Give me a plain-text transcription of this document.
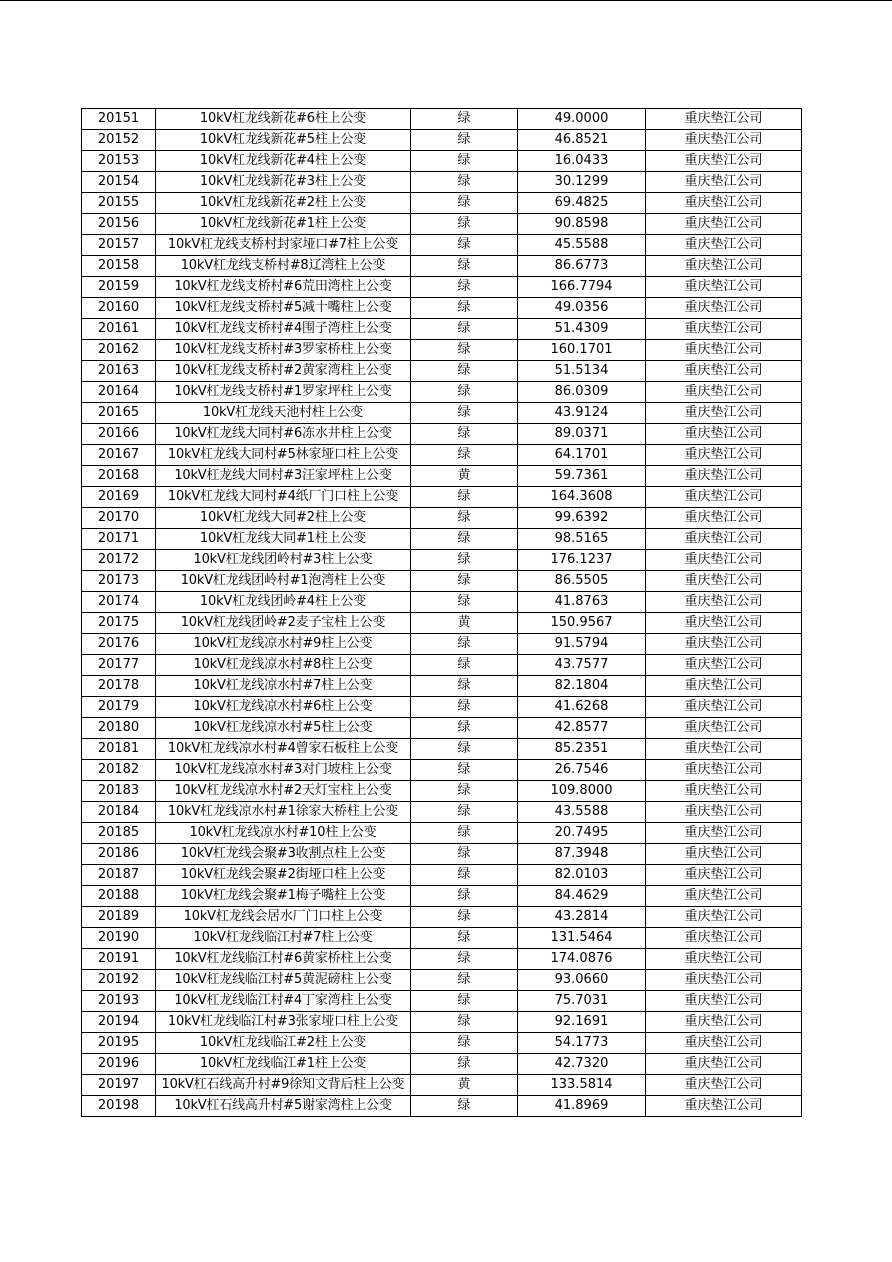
20151	10kV杠龙线新花#6柱上公变	绿	49.0000	重庆垫江公司
20152	10kV杠龙线新花#5柱上公变	绿	46.8521	重庆垫江公司
20153	10kV杠龙线新花#4柱上公变	绿	16.0433	重庆垫江公司
20154	10kV杠龙线新花#3柱上公变	绿	30.1299	重庆垫江公司
20155	10kV杠龙线新花#2柱上公变	绿	69.4825	重庆垫江公司
20156	10kV杠龙线新花#1柱上公变	绿	90.8598	重庆垫江公司
20157	10kV杠龙线支桥村封家垭口#7柱上公变	绿	45.5588	重庆垫江公司
20158	10kV杠龙线支桥村#8辽湾柱上公变	绿	86.6773	重庆垫江公司
20159	10kV杠龙线支桥村#6荒田湾柱上公变	绿	166.7794	重庆垫江公司
20160	10kV杠龙线支桥村#5减十嘴柱上公变	绿	49.0356	重庆垫江公司
20161	10kV杠龙线支桥村#4围子湾柱上公变	绿	51.4309	重庆垫江公司
20162	10kV杠龙线支桥村#3罗家桥柱上公变	绿	160.1701	重庆垫江公司
20163	10kV杠龙线支桥村#2黄家湾柱上公变	绿	51.5134	重庆垫江公司
20164	10kV杠龙线支桥村#1罗家坪柱上公变	绿	86.0309	重庆垫江公司
20165	10kV杠龙线天池村柱上公变	绿	43.9124	重庆垫江公司
20166	10kV杠龙线大同村#6冻水井柱上公变	绿	89.0371	重庆垫江公司
20167	10kV杠龙线大同村#5林家垭口柱上公变	绿	64.1701	重庆垫江公司
20168	10kV杠龙线大同村#3汪家坪柱上公变	黄	59.7361	重庆垫江公司
20169	10kV杠龙线大同村#4纸厂门口柱上公变	绿	164.3608	重庆垫江公司
20170	10kV杠龙线大同#2柱上公变	绿	99.6392	重庆垫江公司
20171	10kV杠龙线大同#1柱上公变	绿	98.5165	重庆垫江公司
20172	10kV杠龙线团岭村#3柱上公变	绿	176.1237	重庆垫江公司
20173	10kV杠龙线团岭村#1泡湾柱上公变	绿	86.5505	重庆垫江公司
20174	10kV杠龙线团岭#4柱上公变	绿	41.8763	重庆垫江公司
20175	10kV杠龙线团岭#2麦子宝柱上公变	黄	150.9567	重庆垫江公司
20176	10kV杠龙线凉水村#9柱上公变	绿	91.5794	重庆垫江公司
20177	10kV杠龙线凉水村#8柱上公变	绿	43.7577	重庆垫江公司
20178	10kV杠龙线凉水村#7柱上公变	绿	82.1804	重庆垫江公司
20179	10kV杠龙线凉水村#6柱上公变	绿	41.6268	重庆垫江公司
20180	10kV杠龙线凉水村#5柱上公变	绿	42.8577	重庆垫江公司
20181	10kV杠龙线凉水村#4曾家石板柱上公变	绿	85.2351	重庆垫江公司
20182	10kV杠龙线凉水村#3对门坡柱上公变	绿	26.7546	重庆垫江公司
20183	10kV杠龙线凉水村#2天灯宝柱上公变	绿	109.8000	重庆垫江公司
20184	10kV杠龙线凉水村#1徐家大桥柱上公变	绿	43.5588	重庆垫江公司
20185	10kV杠龙线凉水村#10柱上公变	绿	20.7495	重庆垫江公司
20186	10kV杠龙线会聚#3收割点柱上公变	绿	87.3948	重庆垫江公司
20187	10kV杠龙线会聚#2街垭口柱上公变	绿	82.0103	重庆垫江公司
20188	10kV杠龙线会聚#1梅子嘴柱上公变	绿	84.4629	重庆垫江公司
20189	10kV杠龙线会居水厂门口柱上公变	绿	43.2814	重庆垫江公司
20190	10kV杠龙线临江村#7柱上公变	绿	131.5464	重庆垫江公司
20191	10kV杠龙线临江村#6黄家桥柱上公变	绿	174.0876	重庆垫江公司
20192	10kV杠龙线临江村#5黄泥磅柱上公变	绿	93.0660	重庆垫江公司
20193	10kV杠龙线临江村#4丁家湾柱上公变	绿	75.7031	重庆垫江公司
20194	10kV杠龙线临江村#3张家垭口柱上公变	绿	92.1691	重庆垫江公司
20195	10kV杠龙线临江#2柱上公变	绿	54.1773	重庆垫江公司
20196	10kV杠龙线临江#1柱上公变	绿	42.7320	重庆垫江公司
20197	10kV杠石线高升村#9徐知文背后柱上公变	黄	133.5814	重庆垫江公司
20198	10kV杠石线高升村#5谢家湾柱上公变	绿	41.8969	重庆垫江公司
